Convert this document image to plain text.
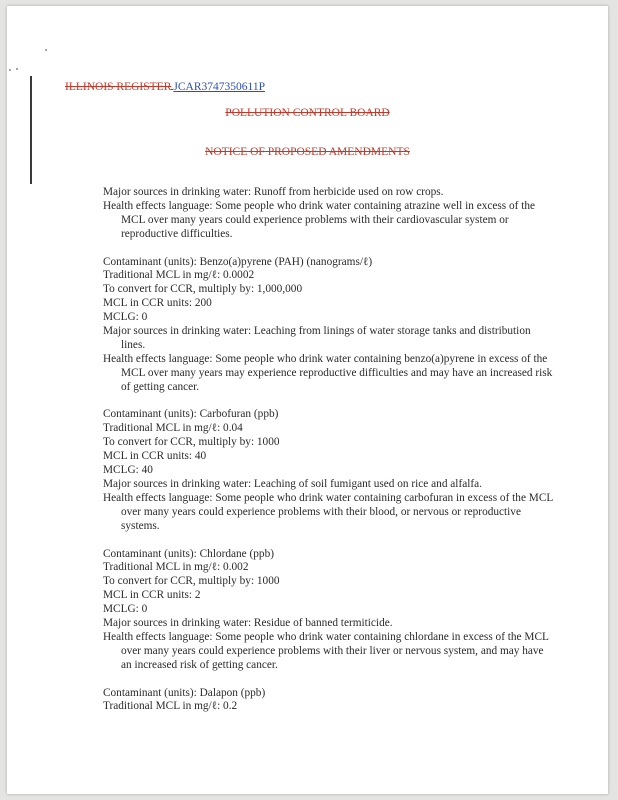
ILLINOIS REGISTER JCAR3747350611P
POLLUTION CONTROL BOARD
NOTICE OF PROPOSED AMENDMENTS

Major sources in drinking water: Runoff from herbicide used on row crops.

Health effects language: Some people who drink water containing atrazine well in excess of the MCL over many years could experience problems with their cardiovascular system or reproductive difficulties.

Contaminant (units): Benzo(a)pyrene (PAH) (nanograms/ℓ)

Traditional MCL in mg/ℓ: 0.0002

To convert for CCR, multiply by: 1,000,000

MCL in CCR units: 200

MCLG: 0

Major sources in drinking water: Leaching from linings of water storage tanks and distribution lines.

Health effects language: Some people who drink water containing benzo(a)pyrene in excess of the MCL over many years may experience reproductive difficulties and may have an increased risk of getting cancer.

Contaminant (units): Carbofuran (ppb)

Traditional MCL in mg/ℓ: 0.04

To convert for CCR, multiply by: 1000

MCL in CCR units: 40

MCLG: 40

Major sources in drinking water: Leaching of soil fumigant used on rice and alfalfa.

Health effects language: Some people who drink water containing carbofuran in excess of the MCL over many years could experience problems with their blood, or nervous or reproductive systems.

Contaminant (units): Chlordane (ppb)

Traditional MCL in mg/ℓ: 0.002

To convert for CCR, multiply by: 1000

MCL in CCR units: 2

MCLG: 0

Major sources in drinking water: Residue of banned termiticide.

Health effects language: Some people who drink water containing chlordane in excess of the MCL over many years could experience problems with their liver or nervous system, and may have an increased risk of getting cancer.

Contaminant (units): Dalapon (ppb)

Traditional MCL in mg/ℓ: 0.2
